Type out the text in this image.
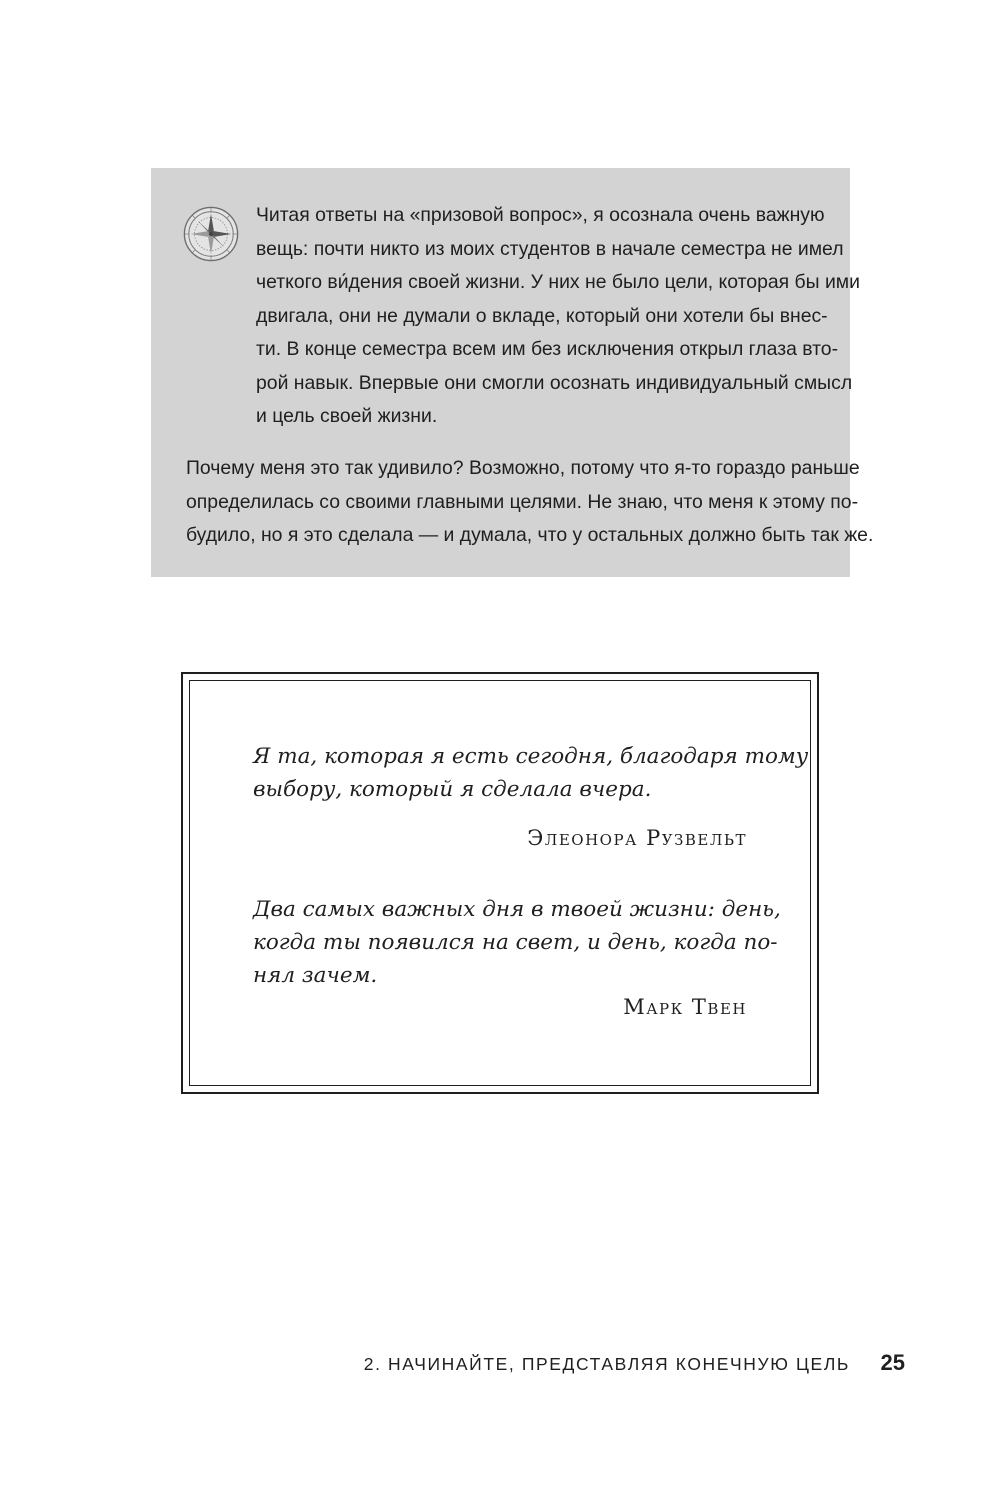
Читая ответы на «призовой вопрос», я осознала очень важную
вещь: почти никто из моих студентов в начале семестра не имел
четкого ви́дения своей жизни. У них не было цели, которая бы ими
двигала, они не думали о вкладе, который они хотели бы внес-
ти. В конце семестра всем им без исключения открыл глаза вто-
рой навык. Впервые они смогли осознать индивидуальный смысл
и цель своей жизни.
Почему меня это так удивило? Возможно, потому что я-то гораздо раньше
определилась со своими главными целями. Не знаю, что меня к этому по-
будило, но я это сделала — и думала, что у остальных должно быть так же.

Я та, которая я есть сегодня, благодаря тому
выбору, который я сделала вчера.

Элеонора Рузвельт

Два самых важных дня в твоей жизни: день,
когда ты появился на свет, и день, когда по-
нял зачем.

Марк Твен

2. НАЧИНАЙТЕ, ПРЕДСТАВЛЯЯ КОНЕЧНУЮ ЦЕЛЬ 25
